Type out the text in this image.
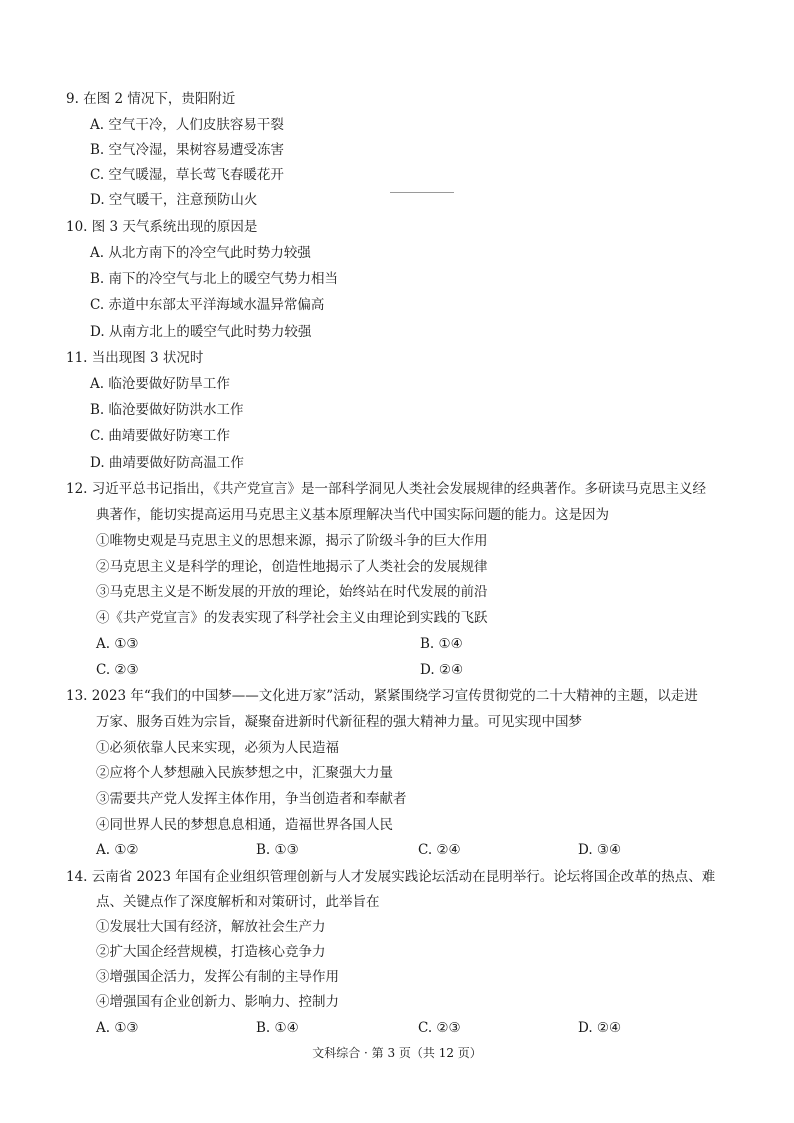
9. 在图 2 情况下，贵阳附近
A. 空气干冷，人们皮肤容易干裂
B. 空气冷湿，果树容易遭受冻害
C. 空气暖湿，草长莺飞春暖花开
D. 空气暖干，注意预防山火
10. 图 3 天气系统出现的原因是
A. 从北方南下的冷空气此时势力较强
B. 南下的冷空气与北上的暖空气势力相当
C. 赤道中东部太平洋海域水温异常偏高
D. 从南方北上的暖空气此时势力较强
11. 当出现图 3 状况时
A. 临沧要做好防旱工作
B. 临沧要做好防洪水工作
C. 曲靖要做好防寒工作
D. 曲靖要做好防高温工作
12. 习近平总书记指出，《共产党宣言》是一部科学洞见人类社会发展规律的经典著作。多研读马克思主义经
典著作，能切实提高运用马克思主义基本原理解决当代中国实际问题的能力。这是因为
①唯物史观是马克思主义的思想来源，揭示了阶级斗争的巨大作用
②马克思主义是科学的理论，创造性地揭示了人类社会的发展规律
③马克思主义是不断发展的开放的理论，始终站在时代发展的前沿
④《共产党宣言》的发表实现了科学社会主义由理论到实践的飞跃
A. ①③	B. ①④
C. ②③	D. ②④
13. 2023 年“我们的中国梦——文化进万家”活动，紧紧围绕学习宣传贯彻党的二十大精神的主题，以走进
万家、服务百姓为宗旨，凝聚奋进新时代新征程的强大精神力量。可见实现中国梦
①必须依靠人民来实现，必须为人民造福
②应将个人梦想融入民族梦想之中，汇聚强大力量
③需要共产党人发挥主体作用，争当创造者和奉献者
④同世界人民的梦想息息相通，造福世界各国人民
A. ①②	B. ①③	C. ②④	D. ③④
14. 云南省 2023 年国有企业组织管理创新与人才发展实践论坛活动在昆明举行。论坛将国企改革的热点、难
点、关键点作了深度解析和对策研讨，此举旨在
①发展壮大国有经济，解放社会生产力
②扩大国企经营规模，打造核心竞争力
③增强国企活力，发挥公有制的主导作用
④增强国有企业创新力、影响力、控制力
A. ①③	B. ①④	C. ②③	D. ②④
文科综合 · 第 3 页（共 12 页）
